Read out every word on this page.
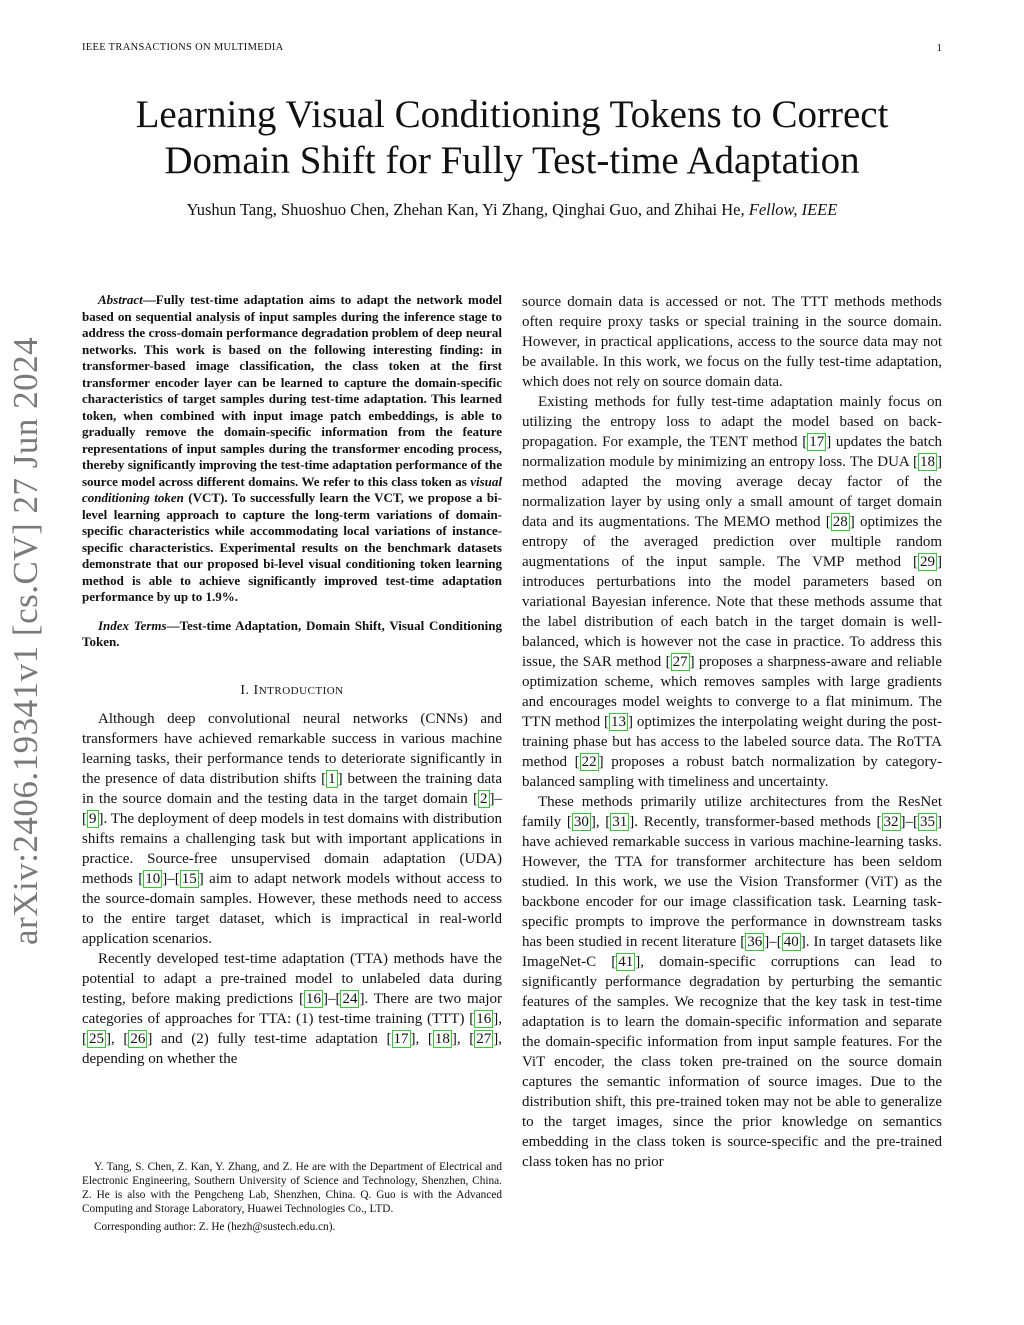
IEEE TRANSACTIONS ON MULTIMEDIA	1
arXiv:2406.19341v1 [cs.CV] 27 Jun 2024
Learning Visual Conditioning Tokens to Correct Domain Shift for Fully Test-time Adaptation
Yushun Tang, Shuoshuo Chen, Zhehan Kan, Yi Zhang, Qinghai Guo, and Zhihai He, Fellow, IEEE

Abstract—Fully test-time adaptation aims to adapt the network model based on sequential analysis of input samples during the inference stage to address the cross-domain performance degradation problem of deep neural networks. This work is based on the following interesting finding: in transformer-based image classification, the class token at the first transformer encoder layer can be learned to capture the domain-specific characteristics of target samples during test-time adaptation. This learned token, when combined with input image patch embeddings, is able to gradually remove the domain-specific information from the feature representations of input samples during the transformer encoding process, thereby significantly improving the test-time adaptation performance of the source model across different domains. We refer to this class token as visual conditioning token (VCT). To successfully learn the VCT, we propose a bi-level learning approach to capture the long-term variations of domain-specific characteristics while accommodating local variations of instance-specific characteristics. Experimental results on the benchmark datasets demonstrate that our proposed bi-level visual conditioning token learning method is able to achieve significantly improved test-time adaptation performance by up to 1.9%.

Index Terms—Test-time Adaptation, Domain Shift, Visual Conditioning Token.

I. INTRODUCTION

Although deep convolutional neural networks (CNNs) and transformers have achieved remarkable success in various machine learning tasks, their performance tends to deteriorate significantly in the presence of data distribution shifts [ 1 ] between the training data in the source domain and the testing data in the target domain [ 2 ]–[ 9 ]. The deployment of deep models in test domains with distribution shifts remains a challenging task but with important applications in practice. Source-free unsupervised domain adaptation (UDA) methods [ 10 ]–[ 15 ] aim to adapt network models without access to the source-domain samples. However, these methods need to access to the entire target dataset, which is impractical in real-world application scenarios.

Recently developed test-time adaptation (TTA) methods have the potential to adapt a pre-trained model to unlabeled data during testing, before making predictions [ 16 ]–[ 24 ]. There are two major categories of approaches for TTA: (1) test-time training (TTT) [ 16 ], [ 25 ], [ 26 ] and (2) fully test-time adaptation [ 17 ], [ 18 ], [ 27 ], depending on whether the

Y. Tang, S. Chen, Z. Kan, Y. Zhang, and Z. He are with the Department of Electrical and Electronic Engineering, Southern University of Science and Technology, Shenzhen, China. Z. He is also with the Pengcheng Lab, Shenzhen, China. Q. Guo is with the Advanced Computing and Storage Laboratory, Huawei Technologies Co., LTD.

Corresponding author: Z. He (hezh@sustech.edu.cn).

source domain data is accessed or not. The TTT methods methods often require proxy tasks or special training in the source domain. However, in practical applications, access to the source data may not be available. In this work, we focus on the fully test-time adaptation, which does not rely on source domain data.

Existing methods for fully test-time adaptation mainly focus on utilizing the entropy loss to adapt the model based on back-propagation. For example, the TENT method [ 17 ] updates the batch normalization module by minimizing an entropy loss. The DUA [ 18 ] method adapted the moving average decay factor of the normalization layer by using only a small amount of target domain data and its augmentations. The MEMO method [ 28 ] optimizes the entropy of the averaged prediction over multiple random augmentations of the input sample. The VMP method [ 29 ] introduces perturbations into the model parameters based on variational Bayesian inference. Note that these methods assume that the label distribution of each batch in the target domain is well-balanced, which is however not the case in practice. To address this issue, the SAR method [ 27 ] proposes a sharpness-aware and reliable optimization scheme, which removes samples with large gradients and encourages model weights to converge to a flat minimum. The TTN method [ 13 ] optimizes the interpolating weight during the post-training phase but has access to the labeled source data. The RoTTA method [ 22 ] proposes a robust batch normalization by category-balanced sampling with timeliness and uncertainty.

These methods primarily utilize architectures from the ResNet family [ 30 ], [ 31 ]. Recently, transformer-based methods [ 32 ]–[ 35 ] have achieved remarkable success in various machine-learning tasks. However, the TTA for transformer architecture has been seldom studied. In this work, we use the Vision Transformer (ViT) as the backbone encoder for our image classification task. Learning task-specific prompts to improve the performance in downstream tasks has been studied in recent literature [ 36 ]–[ 40 ]. In target datasets like ImageNet-C [ 41 ], domain-specific corruptions can lead to significantly performance degradation by perturbing the semantic features of the samples. We recognize that the key task in test-time adaptation is to learn the domain-specific information and separate the domain-specific information from input sample features. For the ViT encoder, the class token pre-trained on the source domain captures the semantic information of source images. Due to the distribution shift, this pre-trained token may not be able to generalize to the target images, since the prior knowledge on semantics embedding in the class token is source-specific and the pre-trained class token has no prior
